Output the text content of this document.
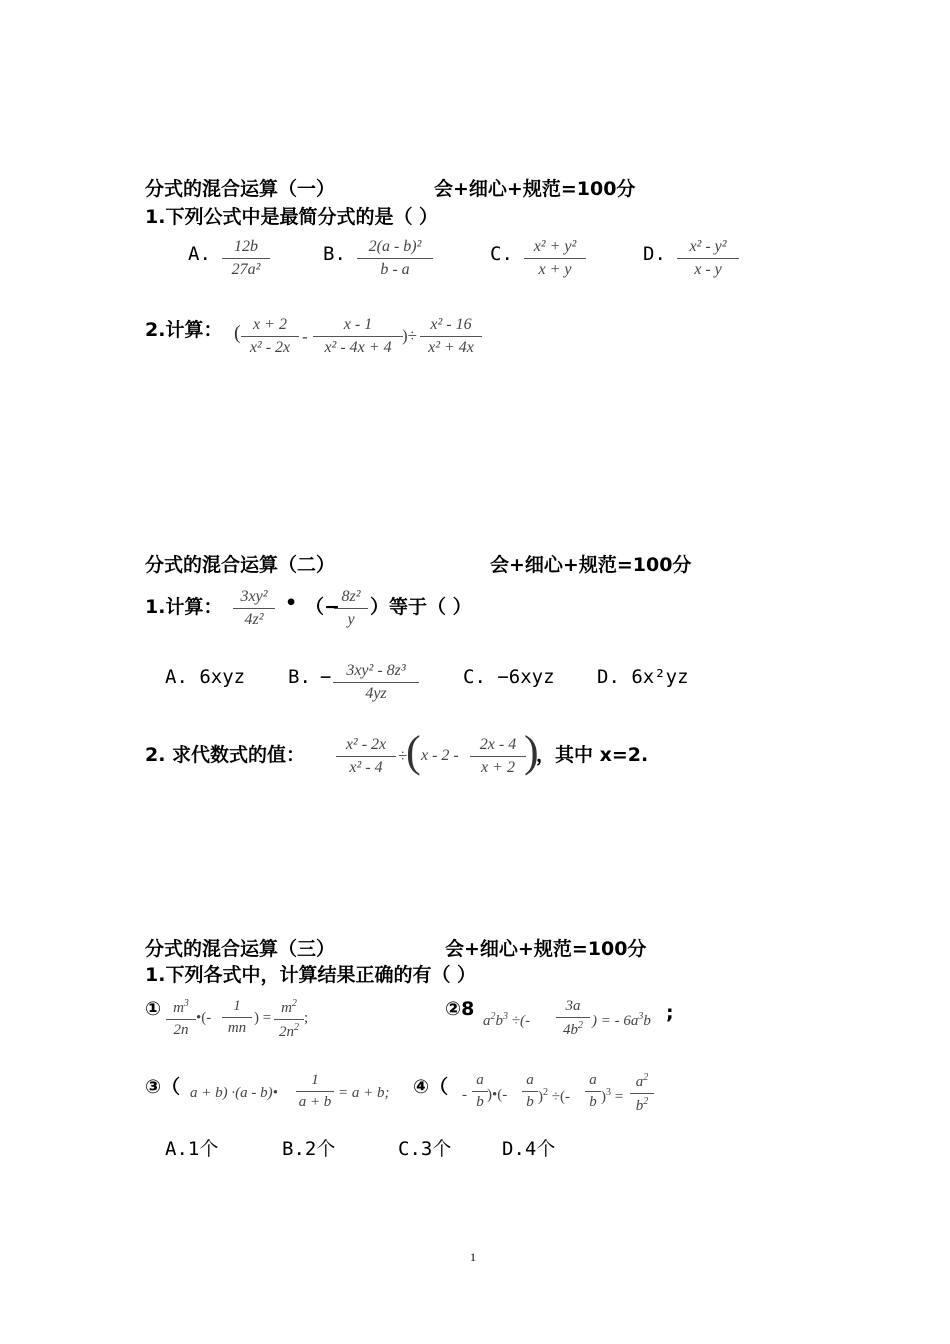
分式的混合运算（一）	会+细心+规范=100分
1.下列公式中是最简分式的是（ ）
A.	12b
27a²
B.	2(a - b)²
b - a
C.	x² + y²
x + y
D.	x² - y²
x - y
2.计算： ( x + 2
x² - 2x
-
x - 1
x² - 4x + 4
)÷
x² - 16
x² + 4x
分式的混合运算（二）	会+细心+规范=100分
1.计算：	3xy²
4z²
• （− 8z²
y
）等于（ ）
A. 6xyz B. − 3xy² - 8z³
4yz
C. −6xyz D. 6x²yz
2. 求代数式的值：	x² - 2x
x² - 4
÷
( x - 2 -
2x - 4
x + 2 )
，其中 x=2.
分式的混合运算（三）	会+细心+规范=100分
1.下列各式中，计算结果正确的有（ ）
① $m^3$
2n
•(-
1
mn
) =
$m^2$
$2n^2$
;	②8
$a^2b^3$ ÷(-
3a
$4b^2$ ) = - $6a^3b$ ;
③（ a + b) ·(a - b)•
1
a + b
= a + b; ④（ -
a
b )•(-
a
b )$^2$ ÷(-
a
b )$^3$ =
$a^2$
$b^2$
A.1个	B.2个	C.3个	D.4个
1
